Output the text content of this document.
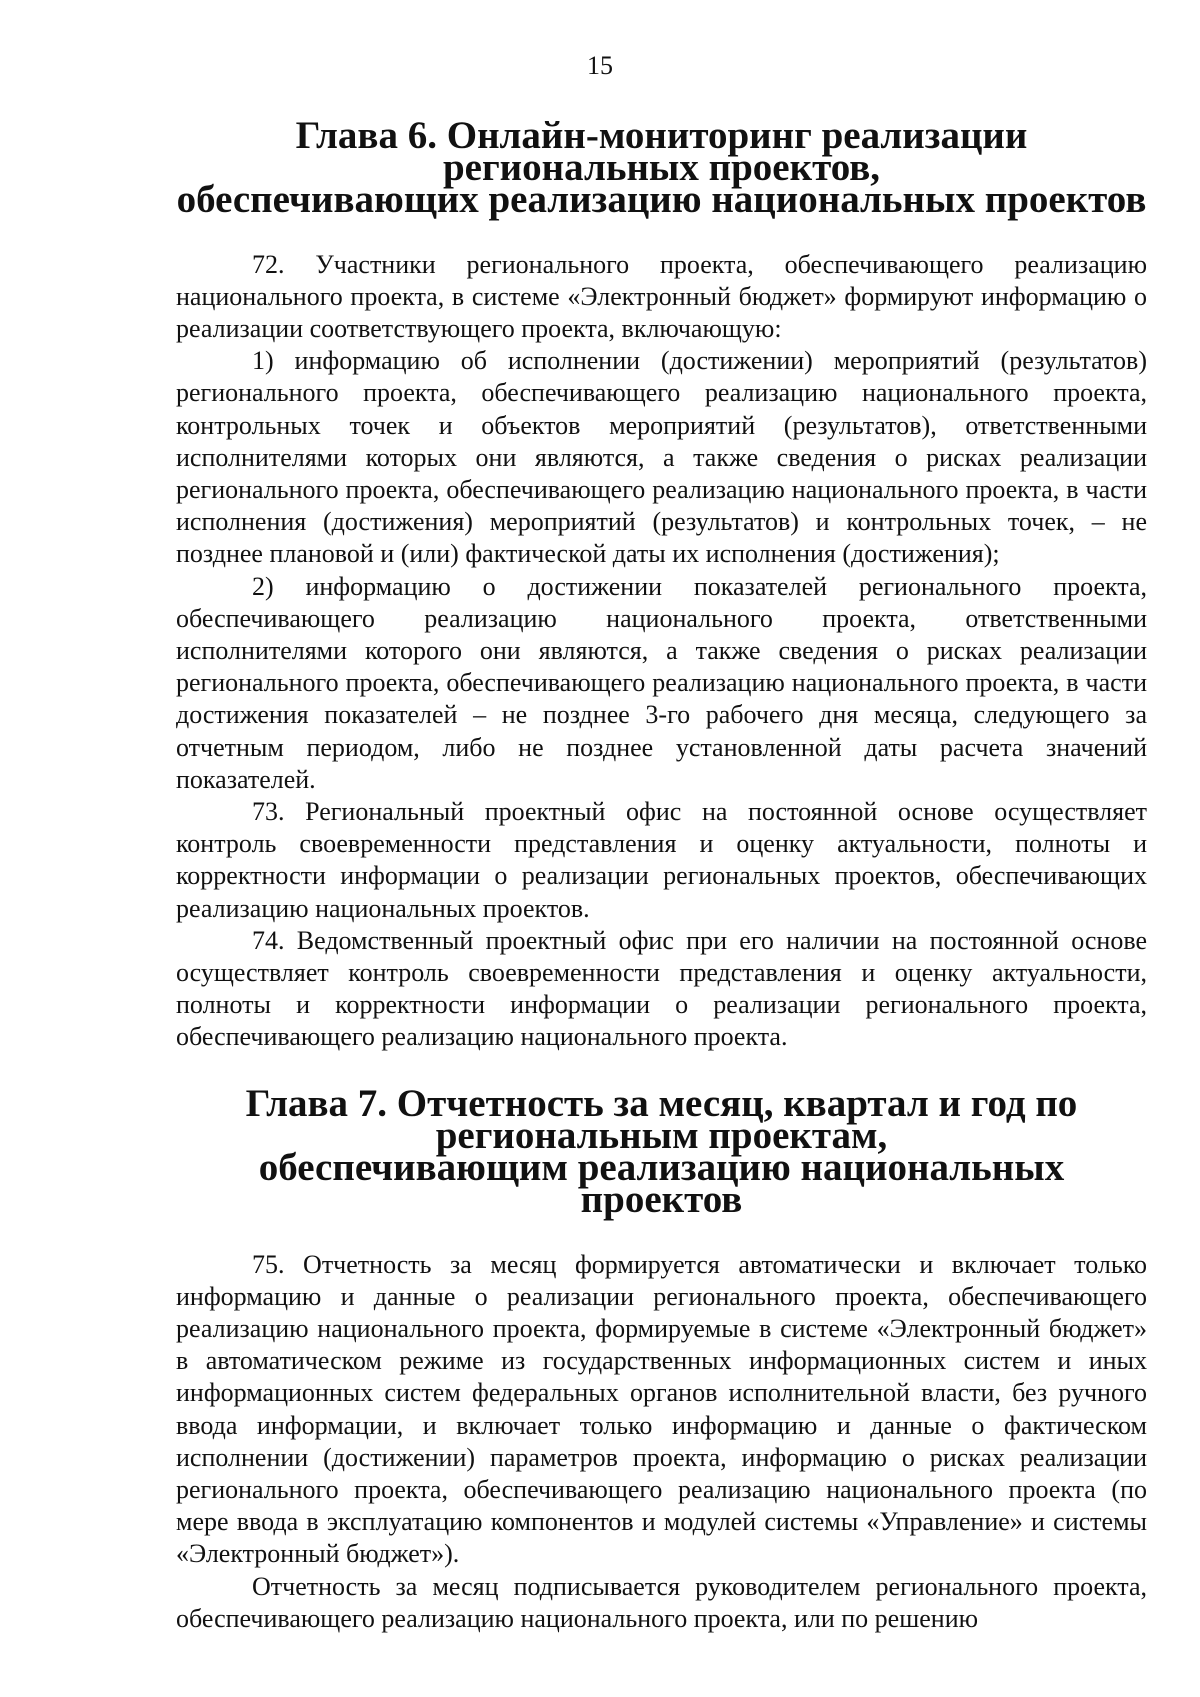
15
Глава 6. Онлайн-мониторинг реализации региональных проектов,
обеспечивающих реализацию национальных проектов

72. Участники регионального проекта, обеспечивающего реализацию национального проекта, в системе «Электронный бюджет» формируют информацию о реализации соответствующего проекта, включающую:

1) информацию об исполнении (достижении) мероприятий (результатов) регионального проекта, обеспечивающего реализацию национального проекта, контрольных точек и объектов мероприятий (результатов), ответственными исполнителями которых они являются, а также сведения о рисках реализации регионального проекта, обеспечивающего реализацию национального проекта, в части исполнения (достижения) мероприятий (результатов) и контрольных точек, – не позднее плановой и (или) фактической даты их исполнения (достижения);

2) информацию о достижении показателей регионального проекта, обеспечивающего реализацию национального проекта, ответственными исполнителями которого они являются, а также сведения о рисках реализации регионального проекта, обеспечивающего реализацию национального проекта, в части достижения показателей – не позднее 3-го рабочего дня месяца, следующего за отчетным периодом, либо не позднее установленной даты расчета значений показателей.

73. Региональный проектный офис на постоянной основе осуществляет контроль своевременности представления и оценку актуальности, полноты и корректности информации о реализации региональных проектов, обеспечивающих реализацию национальных проектов.

74. Ведомственный проектный офис при его наличии на постоянной основе осуществляет контроль своевременности представления и оценку актуальности, полноты и корректности информации о реализации регионального проекта, обеспечивающего реализацию национального проекта.

Глава 7. Отчетность за месяц, квартал и год по региональным проектам,
обеспечивающим реализацию национальных проектов

75. Отчетность за месяц формируется автоматически и включает только информацию и данные о реализации регионального проекта, обеспечивающего реализацию национального проекта, формируемые в системе «Электронный бюджет» в автоматическом режиме из государственных информационных систем и иных информационных систем федеральных органов исполнительной власти, без ручного ввода информации, и включает только информацию и данные о фактическом исполнении (достижении) параметров проекта, информацию о рисках реализации регионального проекта, обеспечивающего реализацию национального проекта (по мере ввода в эксплуатацию компонентов и модулей системы «Управление» и системы «Электронный бюджет»).

Отчетность за месяц подписывается руководителем регионального проекта, обеспечивающего реализацию национального проекта, или по решению
